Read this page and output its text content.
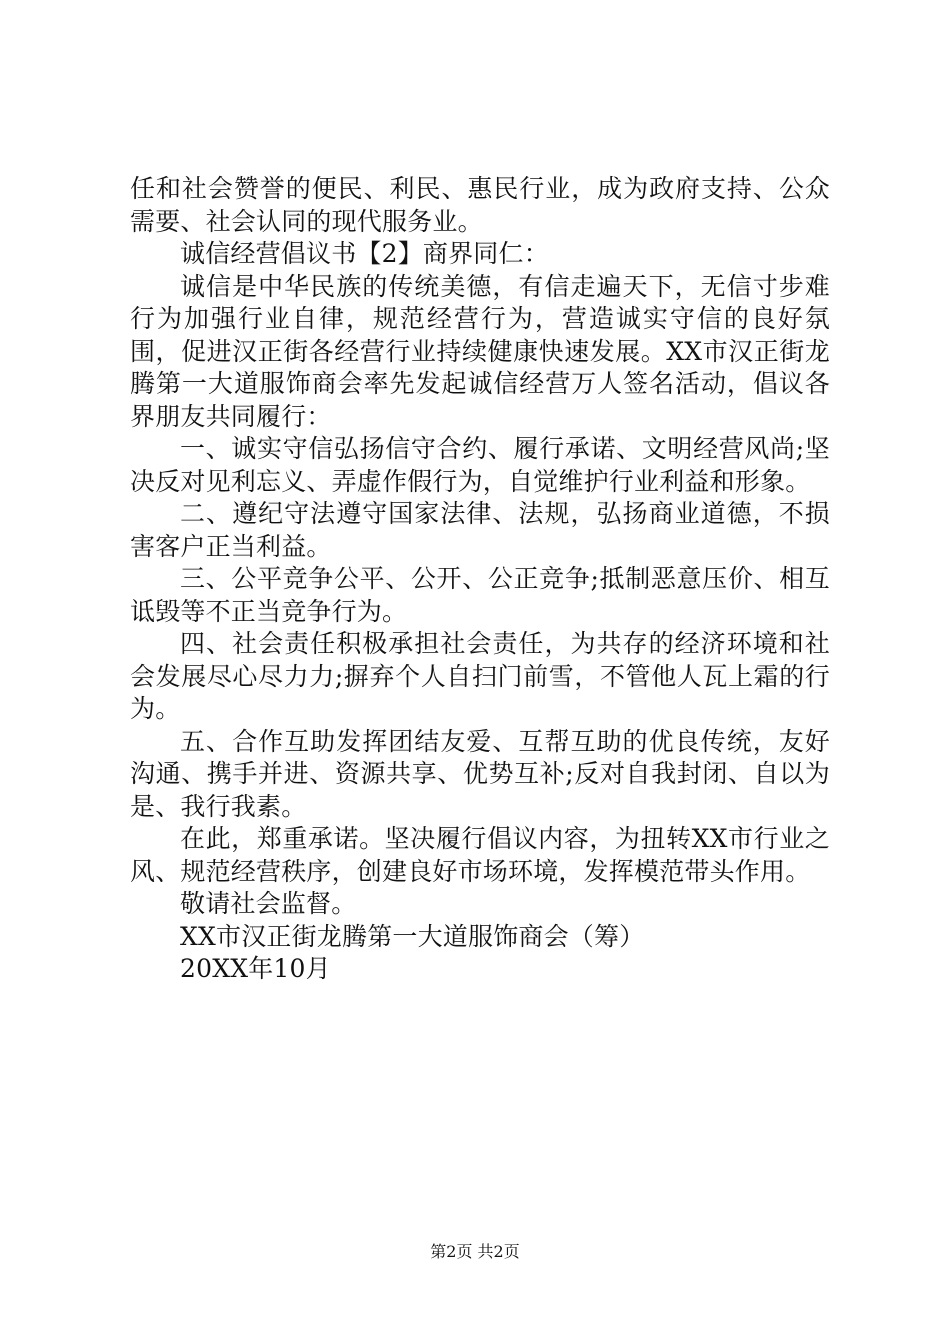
任和社会赞誉的便民、利民、惠民行业，成为政府支持、公众需要、社会认同的现代服务业。

诚信经营倡议书【2】商界同仁：

诚信是中华民族的传统美德，有信走遍天下，无信寸步难行为加强行业自律，规范经营行为，营造诚实守信的良好氛围，促进汉正街各经营行业持续健康快速发展。XX市汉正街龙腾第一大道服饰商会率先发起诚信经营万人签名活动，倡议各界朋友共同履行：

一、诚实守信弘扬信守合约、履行承诺、文明经营风尚;坚决反对见利忘义、弄虚作假行为，自觉维护行业利益和形象。

二、遵纪守法遵守国家法律、法规，弘扬商业道德，不损害客户正当利益。

三、公平竞争公平、公开、公正竞争;抵制恶意压价、相互诋毁等不正当竞争行为。

四、社会责任积极承担社会责任，为共存的经济环境和社会发展尽心尽力力;摒弃个人自扫门前雪，不管他人瓦上霜的行为。

五、合作互助发挥团结友爱、互帮互助的优良传统，友好沟通、携手并进、资源共享、优势互补;反对自我封闭、自以为是、我行我素。

在此，郑重承诺。坚决履行倡议内容，为扭转XX市行业之风、规范经营秩序，创建良好市场环境，发挥模范带头作用。

敬请社会监督。

XX市汉正街龙腾第一大道服饰商会（筹）

20XX年10月

第2页 共2页
